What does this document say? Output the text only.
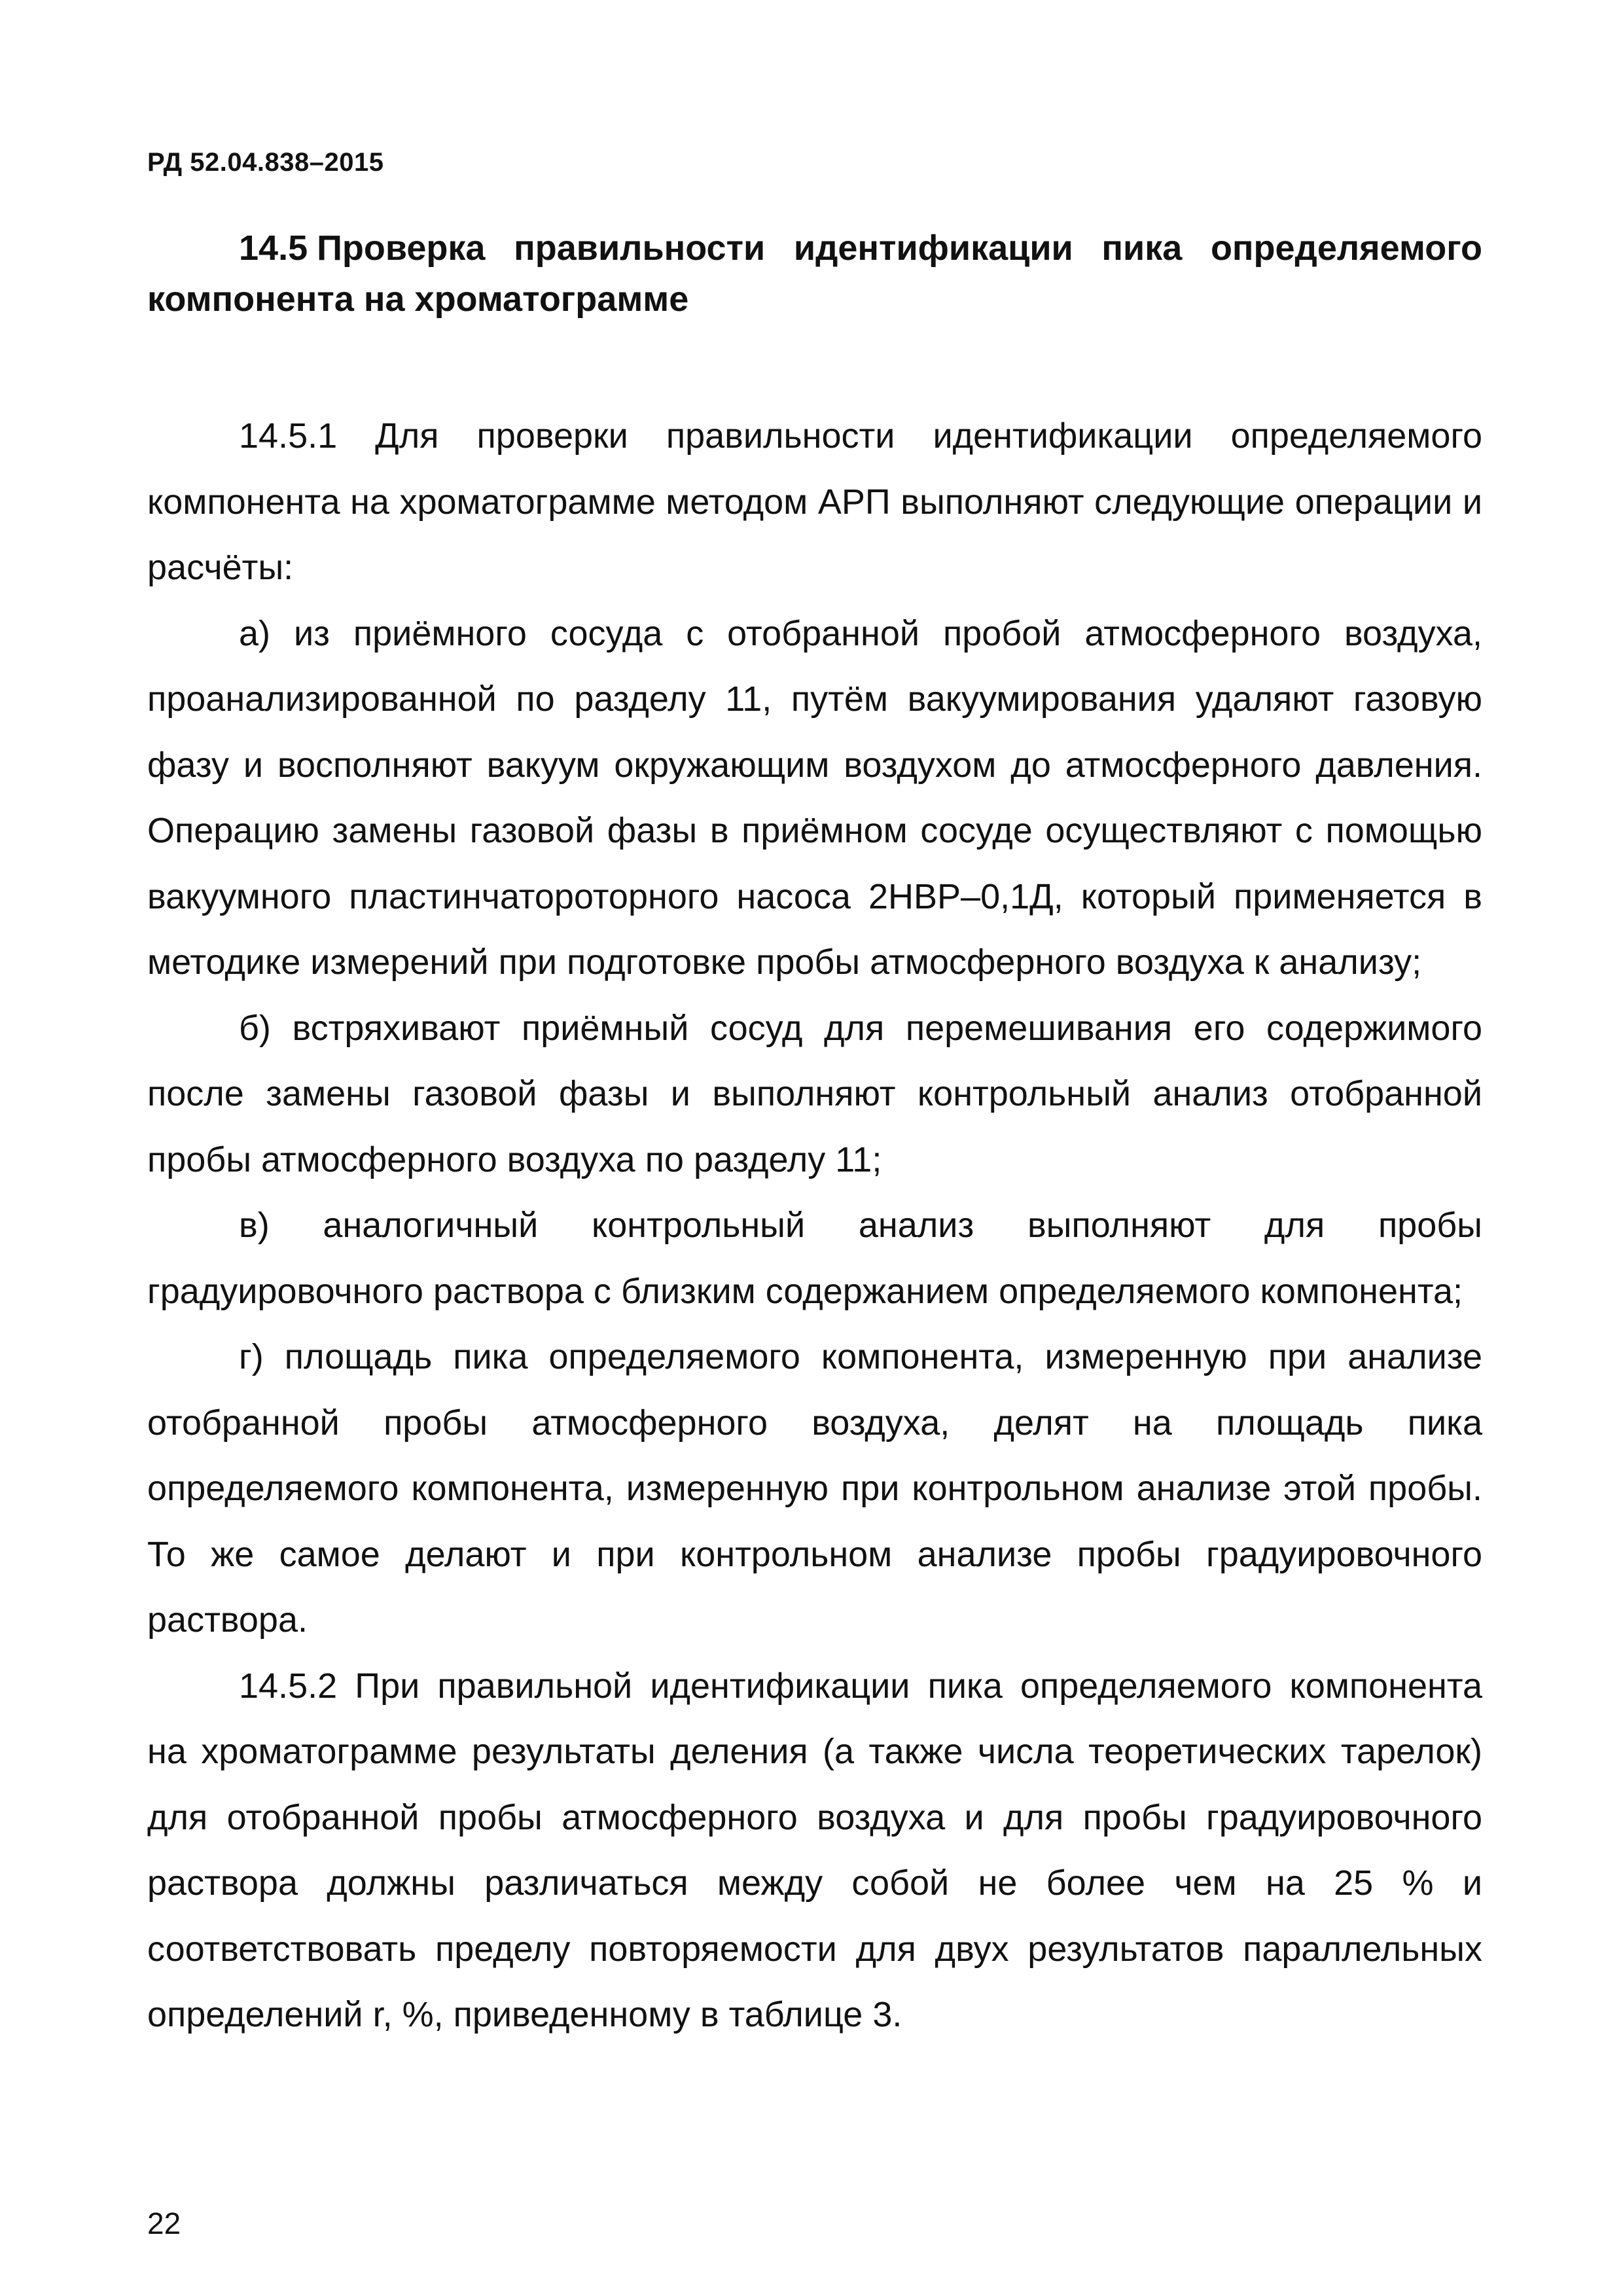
РД 52.04.838–2015
14.5 Проверка правильности идентификации пика определяемого компонента на хроматограмме

14.5.1 Для проверки правильности идентификации определяемого компонента на хроматограмме методом АРП выполняют следующие операции и расчёты:

а) из приёмного сосуда с отобранной пробой атмосферного воздуха, проанализированной по разделу 11, путём вакуумирования удаляют газовую фазу и восполняют вакуум окружающим воздухом до атмосферного давления. Операцию замены газовой фазы в приёмном сосуде осуществляют с помощью вакуумного пластинчатороторного насоса 2НВР–0,1Д, который применяется в методике измерений при подготовке пробы атмосферного воздуха к анализу;

б) встряхивают приёмный сосуд для перемешивания его содержимого после замены газовой фазы и выполняют контрольный анализ отобранной пробы атмосферного воздуха по разделу 11;

в) аналогичный контрольный анализ выполняют для пробы градуировочного раствора с близким содержанием определяемого компонента;

г) площадь пика определяемого компонента, измеренную при анализе отобранной пробы атмосферного воздуха, делят на площадь пика определяемого компонента, измеренную при контрольном анализе этой пробы. То же самое делают и при контрольном анализе пробы градуировочного раствора.

14.5.2 При правильной идентификации пика определяемого компонента на хроматограмме результаты деления (а также числа теоретических тарелок) для отобранной пробы атмосферного воздуха и для пробы градуировочного раствора должны различаться между собой не более чем на 25 % и соответствовать пределу повторяемости для двух результатов параллельных определений r, %, приведенному в таблице 3.

22
